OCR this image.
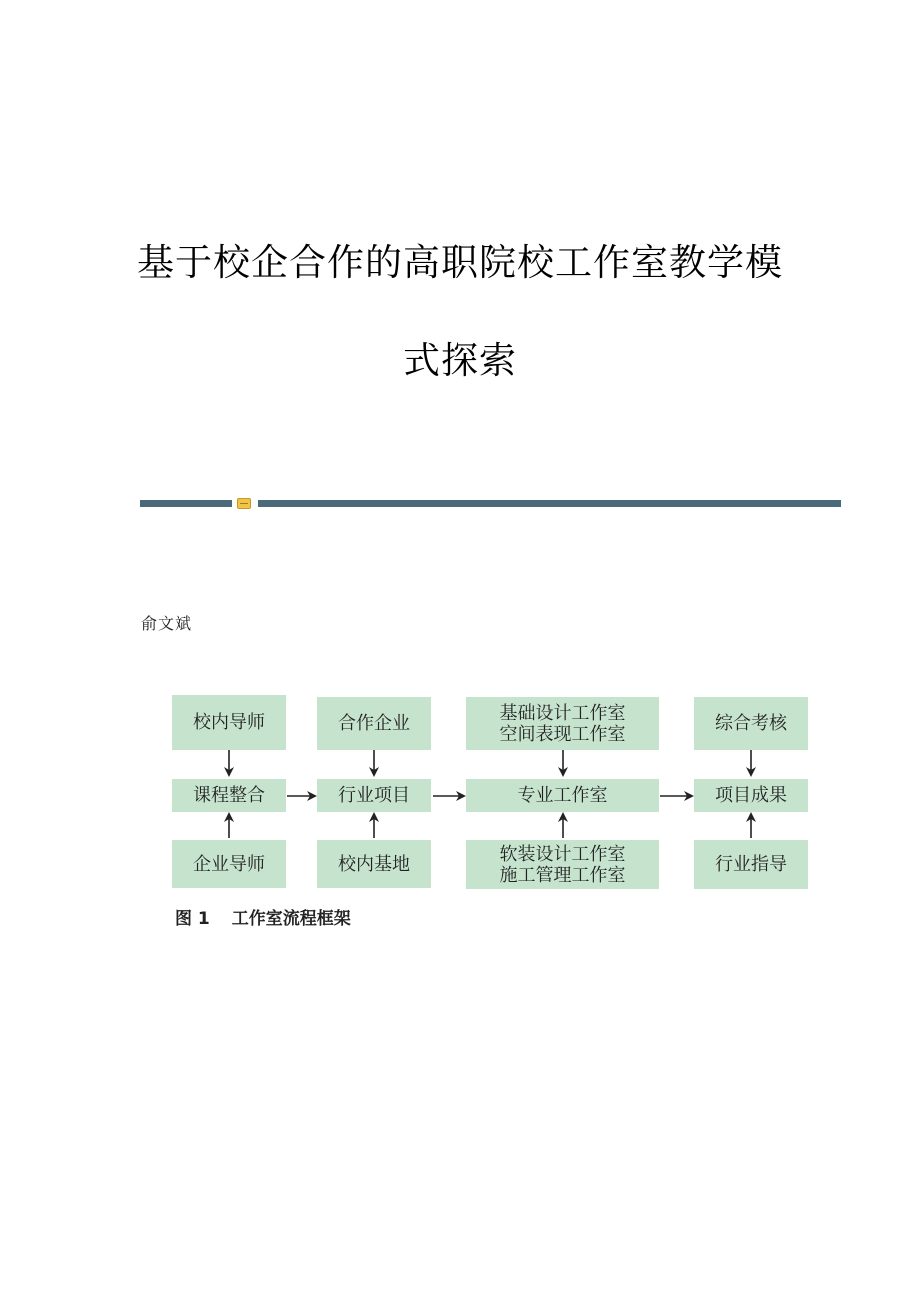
基于校企合作的高职院校工作室教学模
式探索
俞文斌
校内导师
课程整合
企业导师
合作企业
行业项目
校内基地
基础设计工作室
空间表现工作室
专业工作室
软装设计工作室
施工管理工作室
综合考核
项目成果
行业指导
图 1 工作室流程框架
